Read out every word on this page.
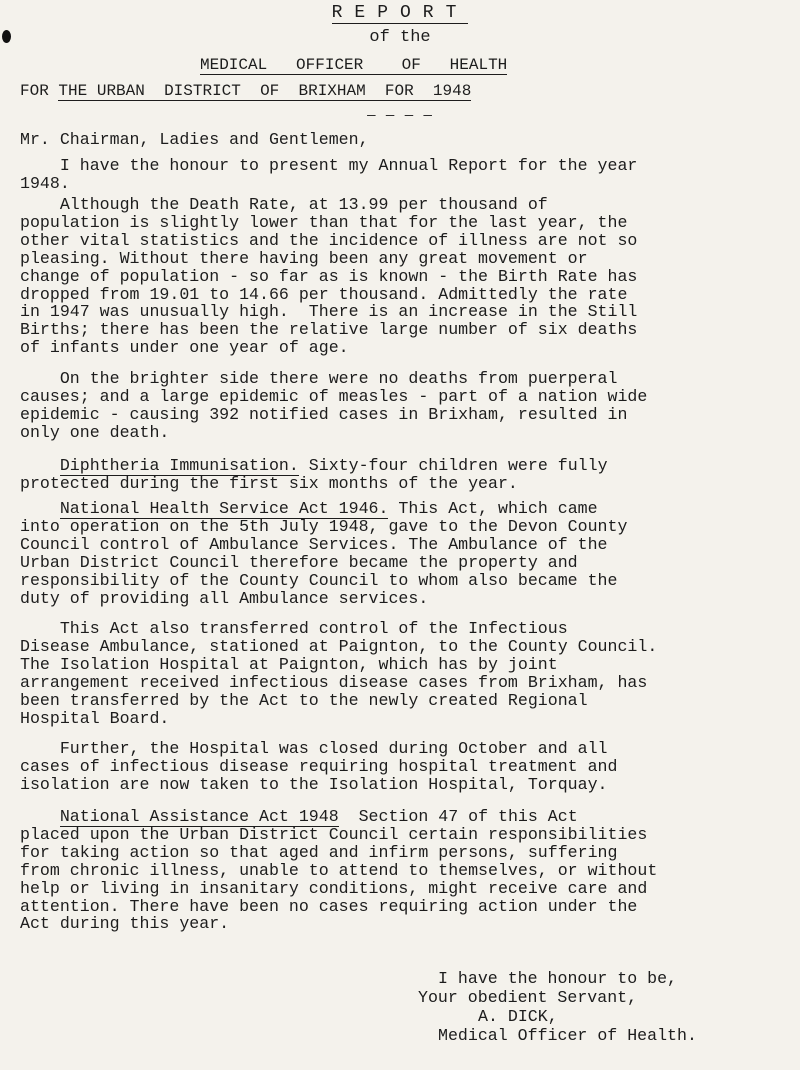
REPORT
of the
MEDICAL OFFICER OF HEALTH
FOR THE URBAN DISTRICT OF BRIXHAM FOR 1948
— — — —
Mr. Chairman, Ladies and Gentlemen,
I have the honour to present my Annual Report for the year
1948.
Although the Death Rate, at 13.99 per thousand of
population is slightly lower than that for the last year, the
other vital statistics and the incidence of illness are not so
pleasing. Without there having been any great movement or
change of population - so far as is known - the Birth Rate has
dropped from 19.01 to 14.66 per thousand. Admittedly the rate
in 1947 was unusually high.  There is an increase in the Still
Births; there has been the relative large number of six deaths
of infants under one year of age.
On the brighter side there were no deaths from puerperal
causes; and a large epidemic of measles - part of a nation wide
epidemic - causing 392 notified cases in Brixham, resulted in
only one death.
Diphtheria Immunisation. Sixty-four children were fully
protected during the first six months of the year.
National Health Service Act 1946. This Act, which came
into operation on the 5th July 1948, gave to the Devon County
Council control of Ambulance Services. The Ambulance of the
Urban District Council therefore became the property and
responsibility of the County Council to whom also became the
duty of providing all Ambulance services.
This Act also transferred control of the Infectious
Disease Ambulance, stationed at Paignton, to the County Council.
The Isolation Hospital at Paignton, which has by joint
arrangement received infectious disease cases from Brixham, has
been transferred by the Act to the newly created Regional
Hospital Board.
Further, the Hospital was closed during October and all
cases of infectious disease requiring hospital treatment and
isolation are now taken to the Isolation Hospital, Torquay.
National Assistance Act 1948  Section 47 of this Act
placed upon the Urban District Council certain responsibilities
for taking action so that aged and infirm persons, suffering
from chronic illness, unable to attend to themselves, or without
help or living in insanitary conditions, might receive care and
attention. There have been no cases requiring action under the
Act during this year.
I have the honour to be,
Your obedient Servant,
A. DICK,
Medical Officer of Health.
